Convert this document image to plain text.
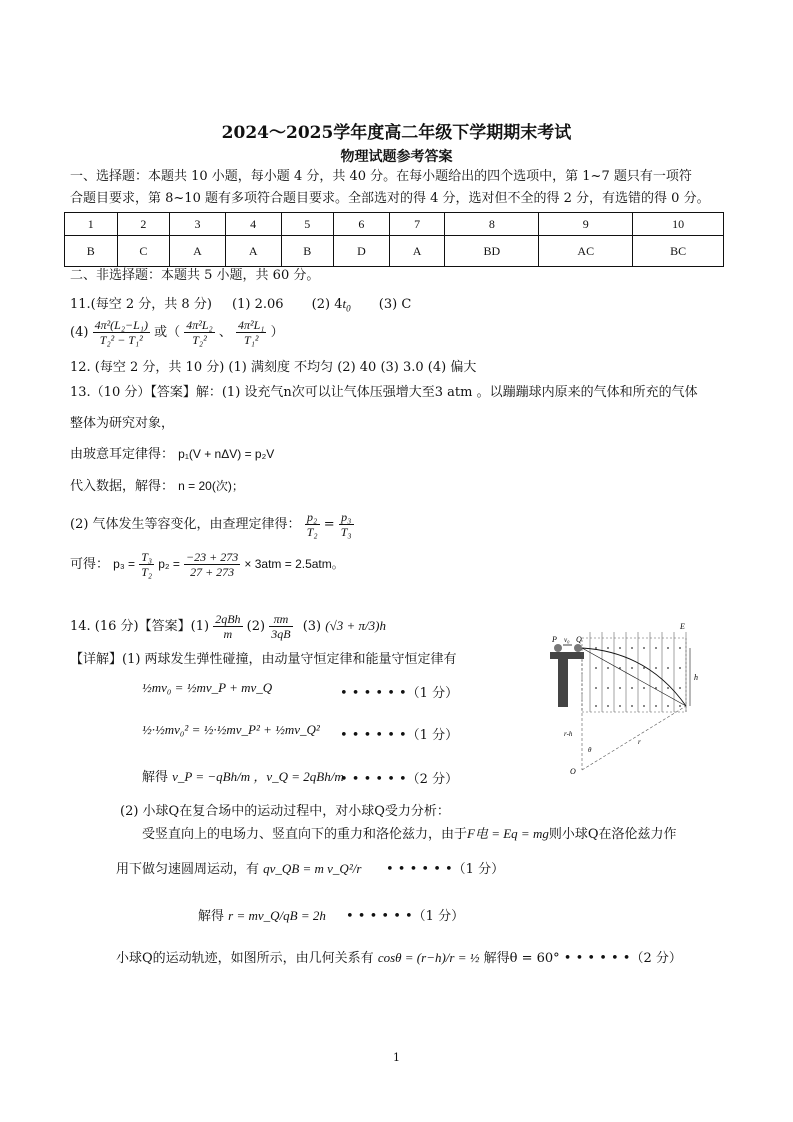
2024～2025学年度高二年级下学期期末考试
物理试题参考答案
一、选择题：本题共 10 小题，每小题 4 分，共 40 分。在每小题给出的四个选项中，第 1~7 题只有一项符
合题目要求，第 8~10 题有多项符合题目要求。全部选对的得 4 分，选对但不全的得 2 分，有选错的得 0 分。
1	2	3	4	5	6	7	8	9	10
B	C	A	A	B	D	A	BD	AC	BC
二、非选择题：本题共 5 小题，共 60 分。
11.(每空 2 分，共 8 分) (1) 2.06 (2) $4t_0$ (3) C
$(4) \frac{\text{4π²(L₂−L₁)}}{\text{T₂² − T₁²}}$ 或（ $\frac{\text{4π²L₂}}{\text{T₂²}}$ 、 $\frac{\text{4π²L₁}}{\text{T₁²}}$ ）
12. (每空 2 分，共 10 分) (1) 满刻度 不均匀 (2) 40 (3) 3.0 (4) 偏大
13.（10 分）【答案】解：(1) 设充气n次可以让气体压强增大至3 atm 。以蹦蹦球内原来的气体和所充的气体
整体为研究对象，
由玻意耳定律得： p₁(V + nΔV) = p₂V
代入数据，解得： n = 20(次)；
(2) 气体发生等容变化，由查理定律得： $\frac{\text{p₂}}{\text{T₂}} = \frac{\text{p₃}}{\text{T₃}}$
可得： $p_3 = \frac{\text{T₃}}{\text{T₂}} p_2 = \frac{-23 + 273}{27 + 273} \times 3atm = 2.5atm$。
14. (16 分)【答案】$(1) \frac{\text{2qBh}}{m} (2) \frac{\pi m}{3qB} (3) (√3 + \pi/3)h$
【详解】(1) 两球发生弹性碰撞，由动量守恒定律和能量守恒定律有
½mv₀ = ½mv_P + mv_Q	• • • • • •（1 分）
½·½mv₀² = ½·½mv_P² + ½mv_Q² • • • • • •（1 分）
解得 v_P = −qBh/m ，v_Q = 2qBh/m
• • • • • •（2 分）
(2) 小球Q在复合场中的运动过程中，对小球Q受力分析：
受竖直向上的电场力、竖直向下的重力和洛伦兹力，由于F电 = Eq = mg则小球Q在洛伦兹力作
用下做匀速圆周运动，有 qv_QB = m v_Q²/r • • • • • •（1 分）
解得 r = mv_Q/qB = 2h • • • • • •（1 分）
小球Q的运动轨迹，如图所示，由几何关系有 cosθ = (r−h)/r = ½ 解得θ = 60° • • • • • •（2 分）
P v₀ Q
E
h
r-h
r
θ
O
1
